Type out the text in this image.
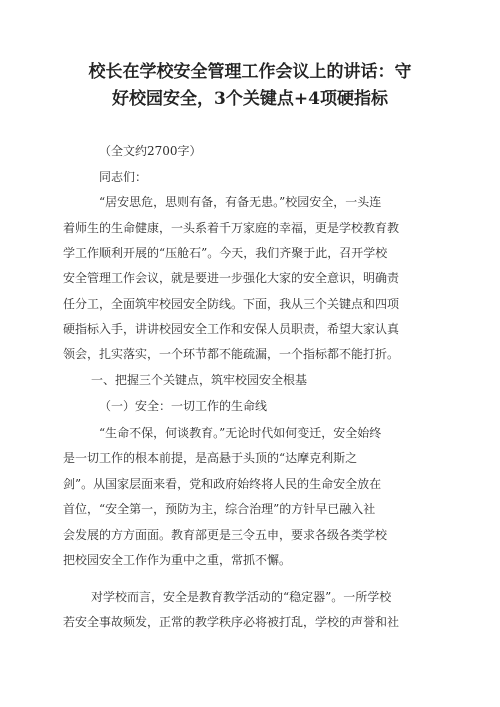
校长在学校安全管理工作会议上的讲话：守
好校园安全，3个关键点+4项硬指标
（全文约2700字）
同志们：
“居安思危，思则有备，有备无患。”校园安全，一头连
着师生的生命健康，一头系着千万家庭的幸福，更是学校教育教
学工作顺利开展的“压舱石”。今天，我们齐聚于此，召开学校
安全管理工作会议，就是要进一步强化大家的安全意识，明确责
任分工，全面筑牢校园安全防线。下面，我从三个关键点和四项
硬指标入手，讲讲校园安全工作和安保人员职责，希望大家认真
领会，扎实落实，一个环节都不能疏漏，一个指标都不能打折。
一、把握三个关键点，筑牢校园安全根基
（一）安全：一切工作的生命线
“生命不保，何谈教育。”无论时代如何变迁，安全始终
是一切工作的根本前提，是高悬于头顶的“达摩克利斯之
剑”。从国家层面来看，党和政府始终将人民的生命安全放在
首位，“安全第一，预防为主，综合治理”的方针早已融入社
会发展的方方面面。教育部更是三令五申，要求各级各类学校
把校园安全工作作为重中之重，常抓不懈。
对学校而言，安全是教育教学活动的“稳定器”。一所学校
若安全事故频发，正常的教学秩序必将被打乱，学校的声誉和社
